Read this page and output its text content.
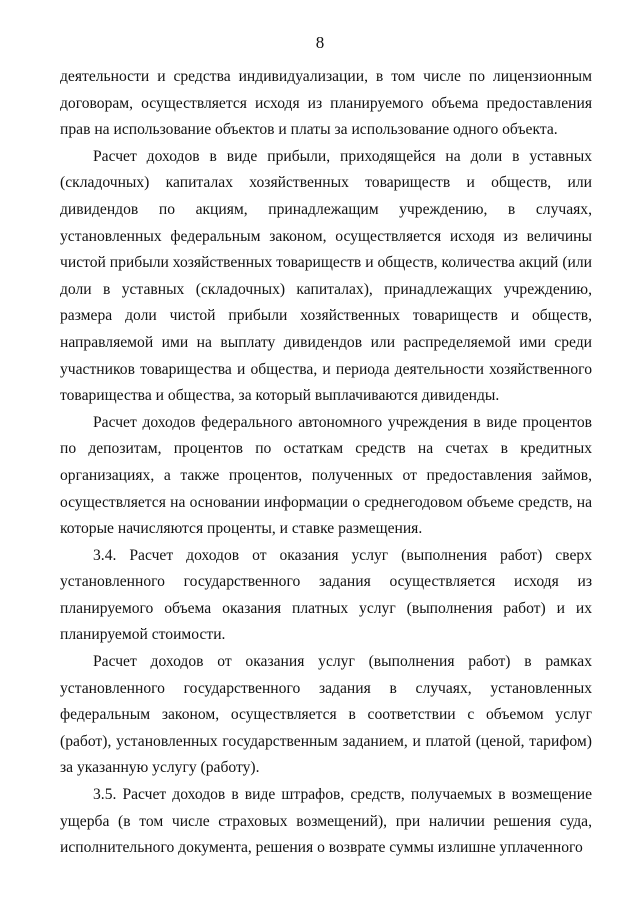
8

деятельности и средства индивидуализации, в том числе по лицензионным договорам, осуществляется исходя из планируемого объема предоставления прав на использование объектов и платы за использование одного объекта.

Расчет доходов в виде прибыли, приходящейся на доли в уставных (складочных) капиталах хозяйственных товариществ и обществ, или дивидендов по акциям, принадлежащим учреждению, в случаях, установленных федеральным законом, осуществляется исходя из величины чистой прибыли хозяйственных товариществ и обществ, количества акций (или доли в уставных (складочных) капиталах), принадлежащих учреждению, размера доли чистой прибыли хозяйственных товариществ и обществ, направляемой ими на выплату дивидендов или распределяемой ими среди участников товарищества и общества, и периода деятельности хозяйственного товарищества и общества, за который выплачиваются дивиденды.

Расчет доходов федерального автономного учреждения в виде процентов по депозитам, процентов по остаткам средств на счетах в кредитных организациях, а также процентов, полученных от предоставления займов, осуществляется на основании информации о среднегодовом объеме средств, на которые начисляются проценты, и ставке размещения.

3.4. Расчет доходов от оказания услуг (выполнения работ) сверх установленного государственного задания осуществляется исходя из планируемого объема оказания платных услуг (выполнения работ) и их планируемой стоимости.

Расчет доходов от оказания услуг (выполнения работ) в рамках установленного государственного задания в случаях, установленных федеральным законом, осуществляется в соответствии с объемом услуг (работ), установленных государственным заданием, и платой (ценой, тарифом) за указанную услугу (работу).

3.5. Расчет доходов в виде штрафов, средств, получаемых в возмещение ущерба (в том числе страховых возмещений), при наличии решения суда, исполнительного документа, решения о возврате суммы излишне уплаченного
